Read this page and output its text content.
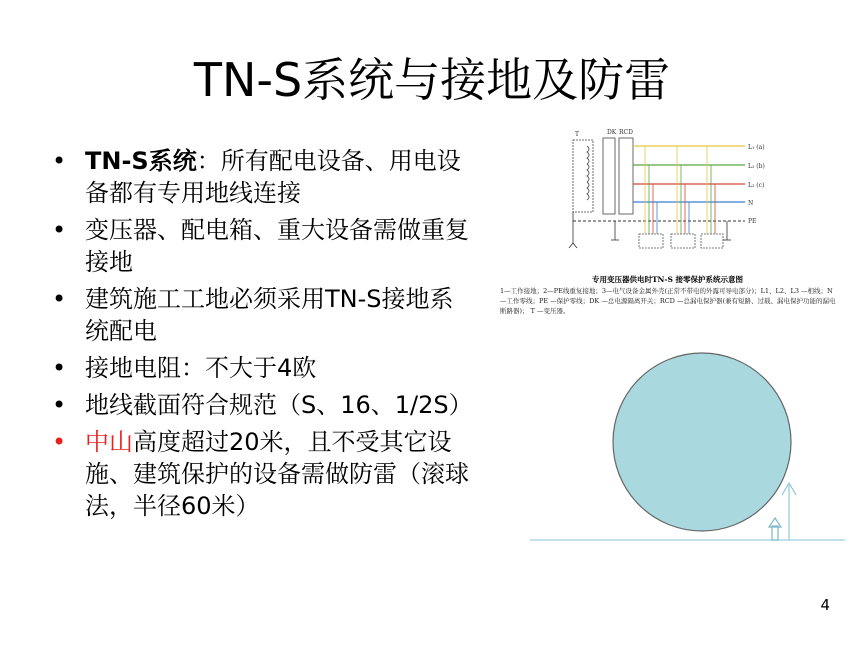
TN-S系统与接地及防雷
• TN-S系统：所有配电设备、用电设备都有专用地线连接
• 变压器、配电箱、重大设备需做重复接地
• 建筑施工工地必须采用TN-S接地系统配电
• 接地电阻：不大于4欧
• 地线截面符合规范（S、16、1/2S）
• 中山高度超过20米，且不受其它设施、建筑保护的设备需做防雷（滚球法，半径60米）
T	DK RCD
L₁ (a)
L₂ (b)
L₃ (c)
N
PE
专用变压器供电时TN-S 接零保护系统示意图
1—工作接地；2—PE线重复接地；3—电气设备金属外壳(正常不带电的外露可导电部分)；L1、L2、L3 —相线；N —工作零线；PE —保护零线；DK —总电源隔离开关；RCD —总漏电保护器(兼有短路、过载、漏电保护功能的漏电断路器)； T —变压器。
4
